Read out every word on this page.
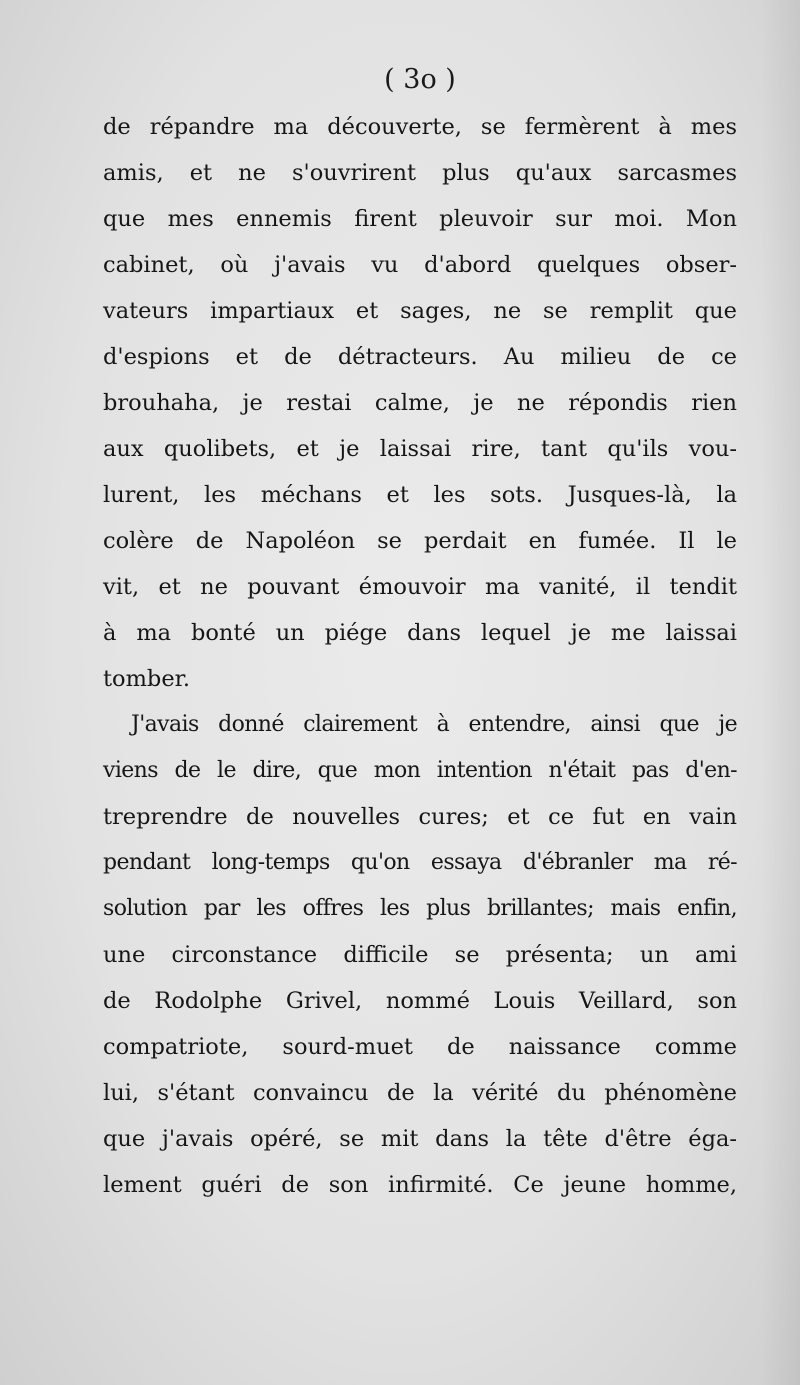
( 3o )
de répandre ma découverte, se fermèrent à mes
amis, et ne s'ouvrirent plus qu'aux sarcasmes
que mes ennemis firent pleuvoir sur moi. Mon
cabinet, où j'avais vu d'abord quelques obser-
vateurs impartiaux et sages, ne se remplit que
d'espions et de détracteurs. Au milieu de ce
brouhaha, je restai calme, je ne répondis rien
aux quolibets, et je laissai rire, tant qu'ils vou-
lurent, les méchans et les sots. Jusques-là, la
colère de Napoléon se perdait en fumée. Il le
vit, et ne pouvant émouvoir ma vanité, il tendit
à ma bonté un piége dans lequel je me laissai
tomber.
J'avais donné clairement à entendre, ainsi que je
viens de le dire, que mon intention n'était pas d'en-
treprendre de nouvelles cures; et ce fut en vain
pendant long-temps qu'on essaya d'ébranler ma ré-
solution par les offres les plus brillantes; mais enfin,
une circonstance difficile se présenta; un ami
de Rodolphe Grivel, nommé Louis Veillard, son
compatriote, sourd-muet de naissance comme
lui, s'étant convaincu de la vérité du phénomène
que j'avais opéré, se mit dans la tête d'être éga-
lement guéri de son infirmité. Ce jeune homme,
